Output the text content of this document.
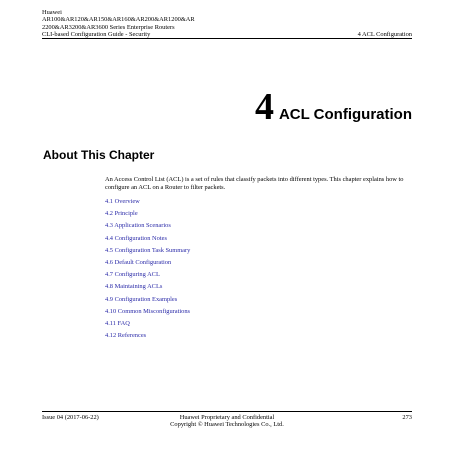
Huawei
AR100&AR120&AR150&AR160&AR200&AR1200&AR
2200&AR3200&AR3600 Series Enterprise Routers
CLI-based Configuration Guide - Security	4 ACL Configuration
4 ACL Configuration
About This Chapter
An Access Control List (ACL) is a set of rules that classify packets into different types. This chapter explains how to configure an ACL on a Router to filter packets.
4.1 Overview
4.2 Principle
4.3 Application Scenarios
4.4 Configuration Notes
4.5 Configuration Task Summary
4.6 Default Configuration
4.7 Configuring ACL
4.8 Maintaining ACLs
4.9 Configuration Examples
4.10 Common Misconfigurations
4.11 FAQ
4.12 References
Issue 04 (2017-06-22)	Huawei Proprietary and Confidential
Copyright © Huawei Technologies Co., Ltd.
273
